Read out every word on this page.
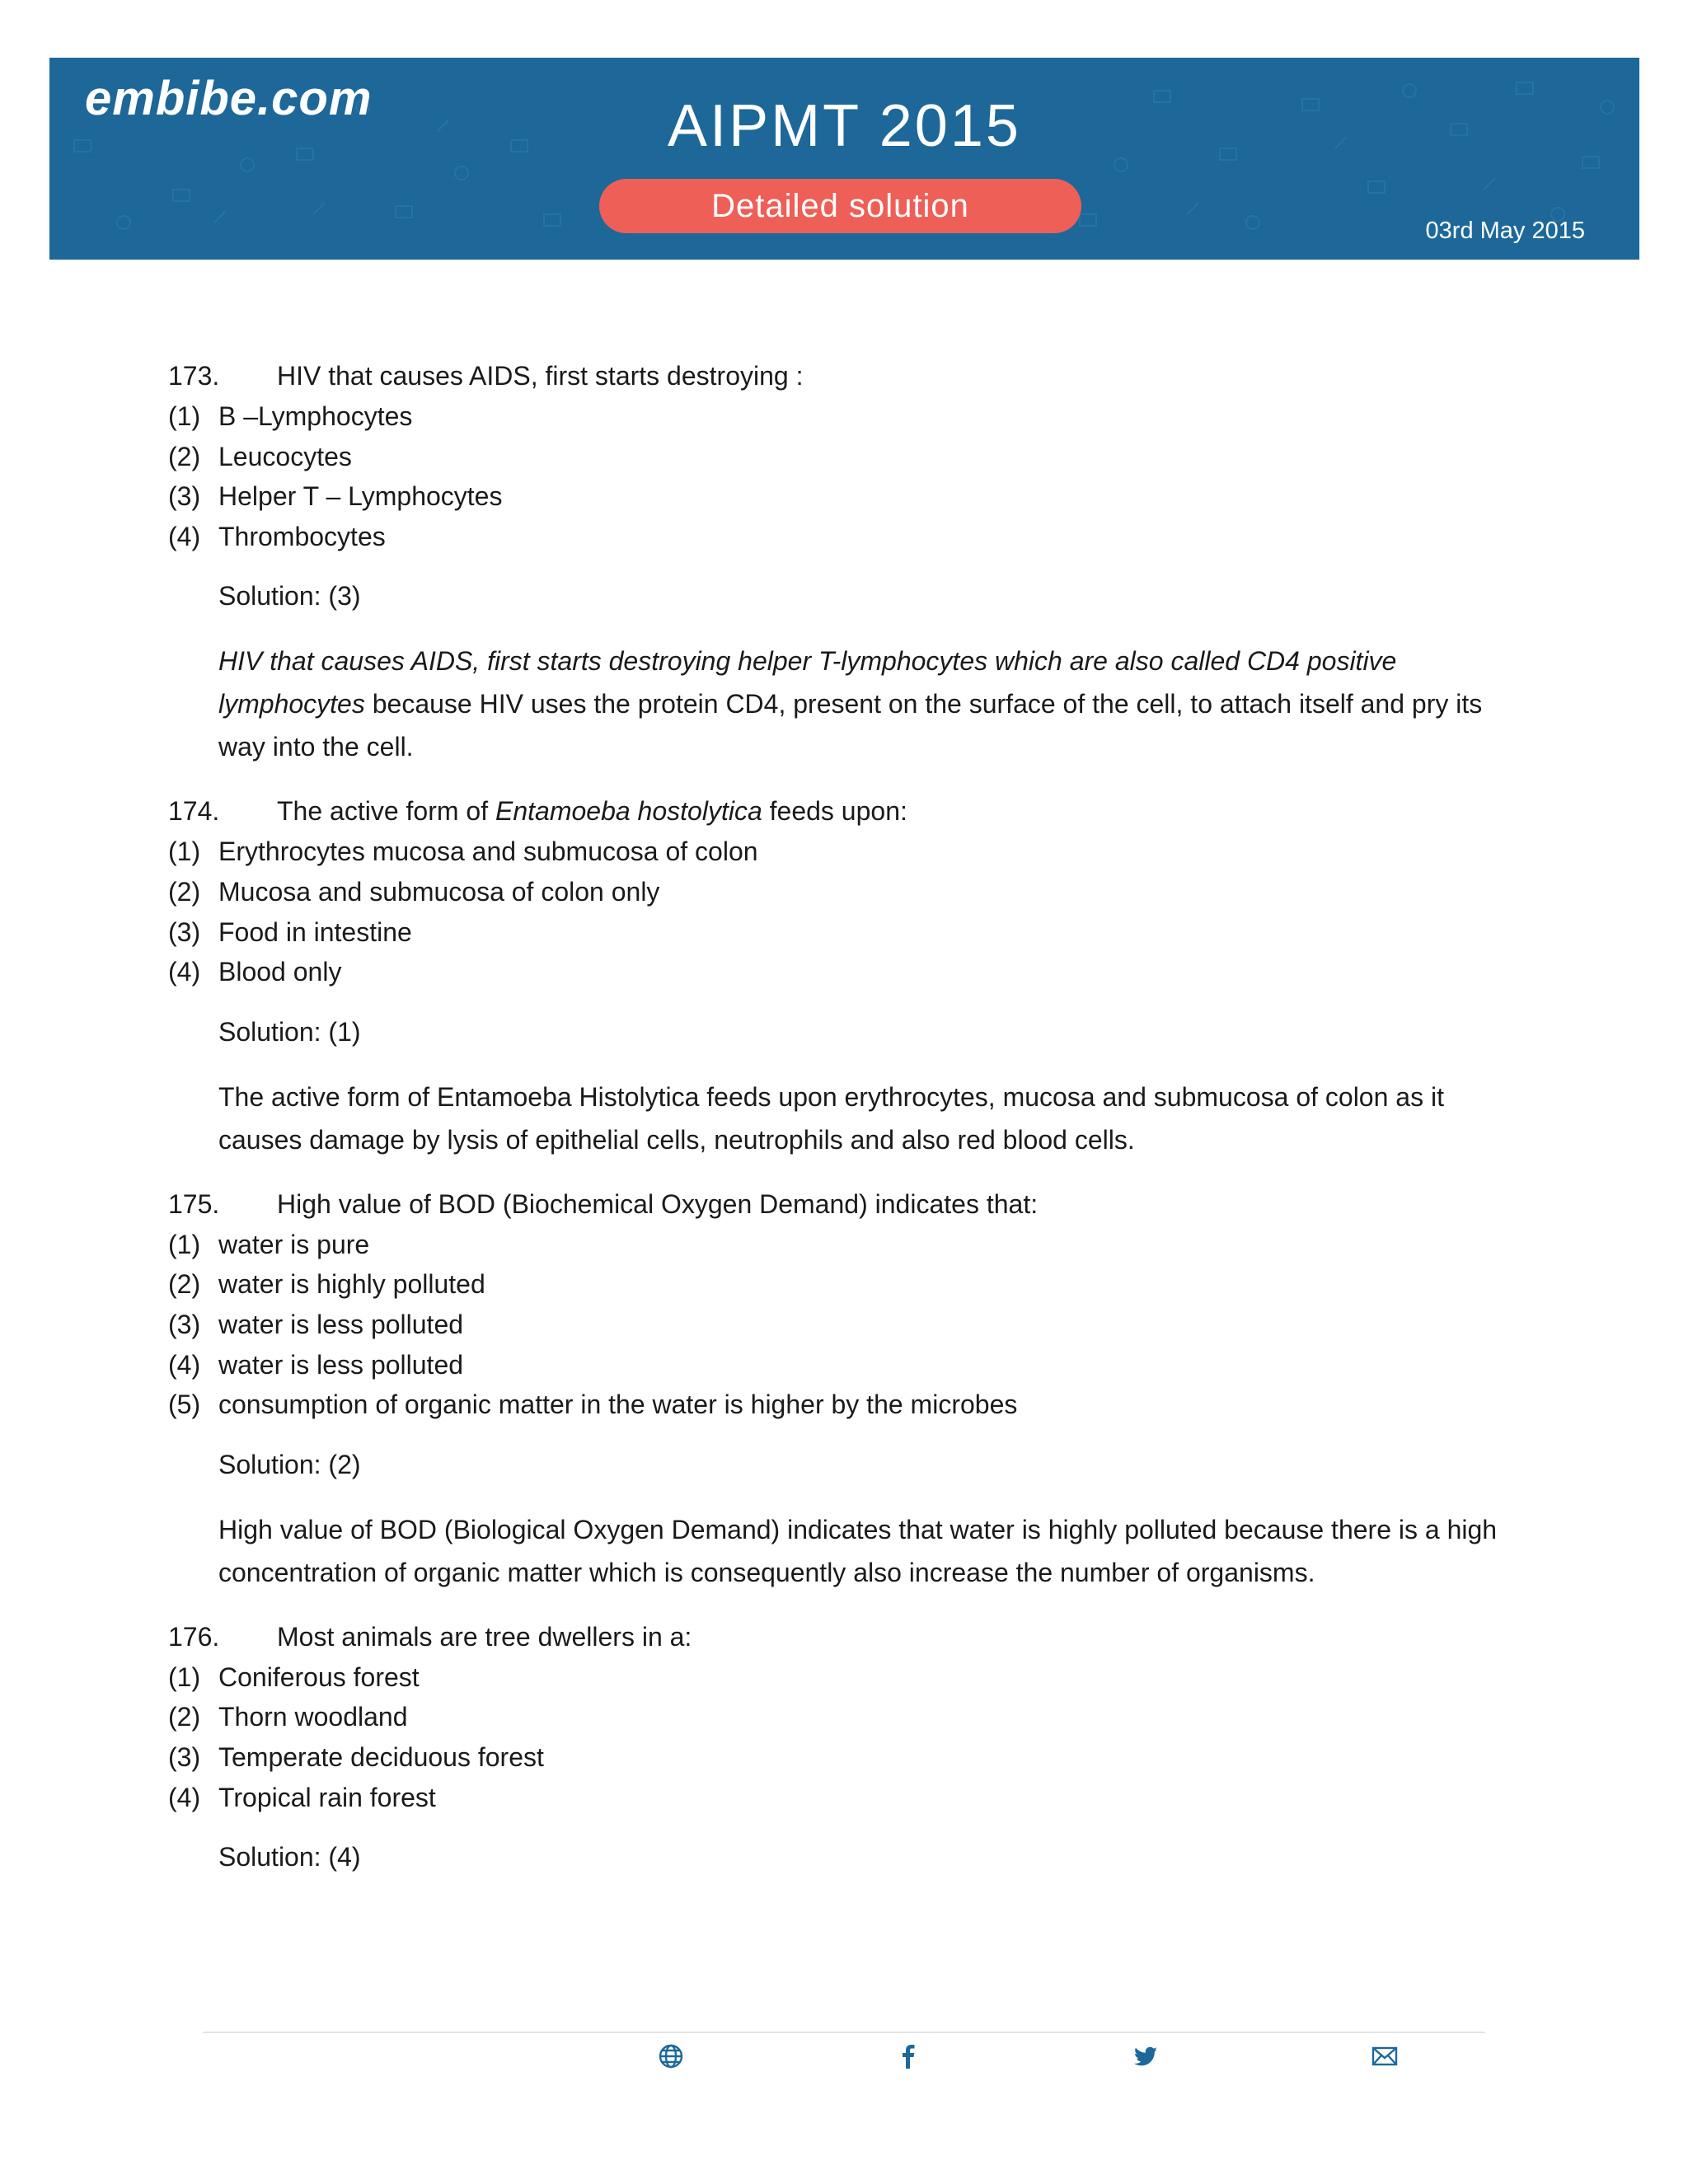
embibe.com	AIPMT 2015
Detailed solution
03rd May 2015
173. HIV that causes AIDS, first starts destroying :
(1) B –Lymphocytes
(2) Leucocytes
(3) Helper T – Lymphocytes
(4) Thrombocytes
Solution: (3)
HIV that causes AIDS, first starts destroying helper T-lymphocytes which are also called CD4 positive lymphocytes because HIV uses the protein CD4, present on the surface of the cell, to attach itself and pry its way into the cell.
174. The active form of Entamoeba hostolytica feeds upon:
(1) Erythrocytes mucosa and submucosa of colon
(2) Mucosa and submucosa of colon only
(3) Food in intestine
(4) Blood only
Solution: (1)
The active form of Entamoeba Histolytica feeds upon erythrocytes, mucosa and submucosa of colon as it causes damage by lysis of epithelial cells, neutrophils and also red blood cells.
175. High value of BOD (Biochemical Oxygen Demand) indicates that:
(1) water is pure
(2) water is highly polluted
(3) water is less polluted
(4) water is less polluted
(5) consumption of organic matter in the water is higher by the microbes
Solution: (2)
High value of BOD (Biological Oxygen Demand) indicates that water is highly polluted because there is a high concentration of organic matter which is consequently also increase the number of organisms.
176. Most animals are tree dwellers in a:
(1) Coniferous forest
(2) Thorn woodland
(3) Temperate deciduous forest
(4) Tropical rain forest
Solution: (4)
